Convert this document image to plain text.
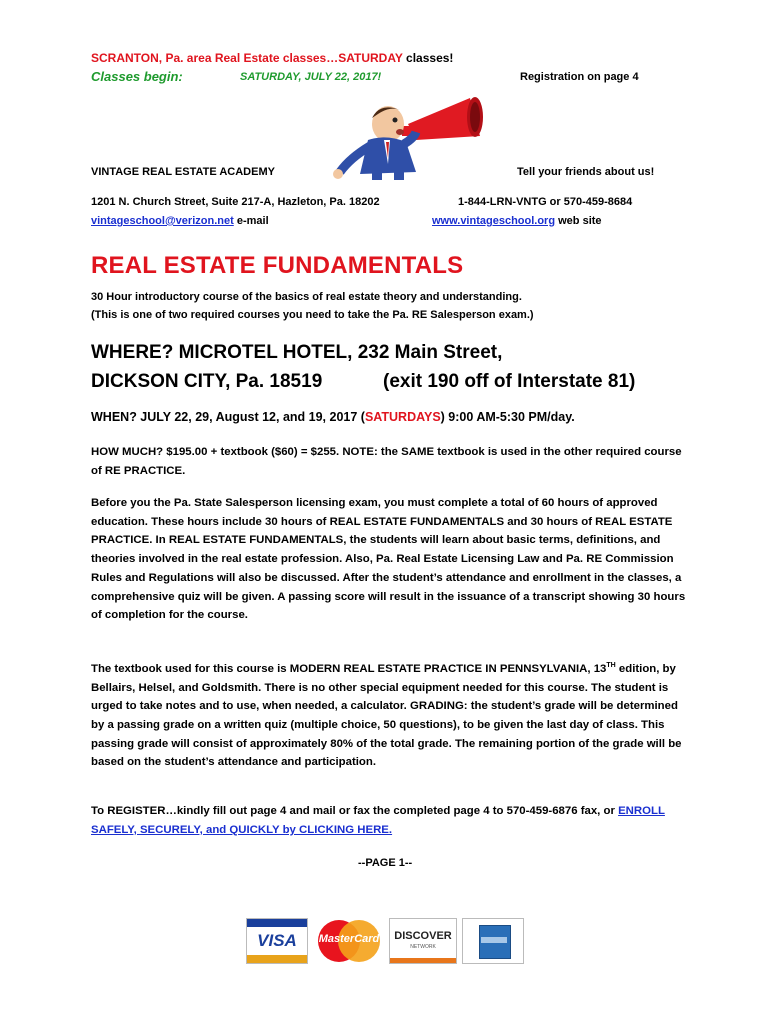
SCRANTON, Pa. area Real Estate classes…SATURDAY classes!
Classes begin:	SATURDAY, JULY 22, 2017!	Registration on page 4
VINTAGE REAL ESTATE ACADEMY	Tell your friends about us!
1201 N. Church Street, Suite 217-A, Hazleton, Pa. 18202	1-844-LRN-VNTG or 570-459-8684
vintageschool@verizon.net e-mail	www.vintageschool.org web site
REAL ESTATE FUNDAMENTALS
30 Hour introductory course of the basics of real estate theory and understanding.
(This is one of two required courses you need to take the Pa. RE Salesperson exam.)
WHERE? MICROTEL HOTEL, 232 Main Street,
DICKSON CITY, Pa. 18519	(exit 190 off of Interstate 81)
WHEN? JULY 22, 29, August 12, and 19, 2017 (SATURDAYS) 9:00 AM-5:30 PM/day.

HOW MUCH? $195.00 + textbook ($60) = $255. NOTE: the SAME textbook is used in the other required course of RE PRACTICE.

Before you the Pa. State Salesperson licensing exam, you must complete a total of 60 hours of approved education. These hours include 30 hours of REAL ESTATE FUNDAMENTALS and 30 hours of REAL ESTATE PRACTICE. In REAL ESTATE FUNDAMENTALS, the students will learn about basic terms, definitions, and theories involved in the real estate profession. Also, Pa. Real Estate Licensing Law and Pa. RE Commission Rules and Regulations will also be discussed. After the student’s attendance and enrollment in the classes, a comprehensive quiz will be given. A passing score will result in the issuance of a transcript showing 30 hours of completion for the course.

The textbook used for this course is MODERN REAL ESTATE PRACTICE IN PENNSYLVANIA, 13TH edition, by Bellairs, Helsel, and Goldsmith. There is no other special equipment needed for this course. The student is urged to take notes and to use, when needed, a calculator. GRADING: the student’s grade will be determined by a passing grade on a written quiz (multiple choice, 50 questions), to be given the last day of class. This passing grade will consist of approximately 80% of the total grade. The remaining portion of the grade will be based on the student’s attendance and participation.

To REGISTER…kindly fill out page 4 and mail or fax the completed page 4 to 570-459-6876 fax, or ENROLL SAFELY, SECURELY, and QUICKLY by CLICKING HERE.

--PAGE 1--
VISA	MasterCard	DISCOVER
NETWORK
